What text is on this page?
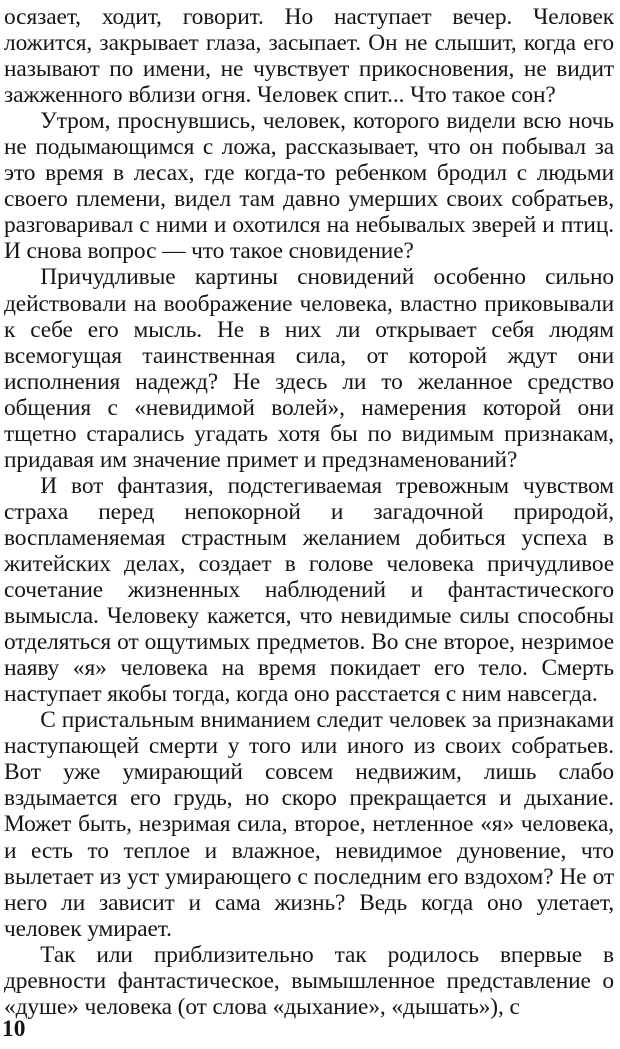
осязает, ходит, говорит. Но наступает вечер. Человек ложится, закрывает глаза, засыпает. Он не слышит, когда его называют по имени, не чувствует прикосновения, не видит зажженного вблизи огня. Человек спит... Что такое сон?

Утром, проснувшись, человек, которого видели всю ночь не подымающимся с ложа, рассказывает, что он побывал за это время в лесах, где когда-то ребенком бродил с людьми своего племени, видел там давно умерших своих собратьев, разговаривал с ними и охотился на небывалых зверей и птиц. И снова вопрос — что такое сновидение?

Причудливые картины сновидений особенно сильно действовали на воображение человека, властно приковывали к себе его мысль. Не в них ли открывает себя людям всемогущая таинственная сила, от которой ждут они исполнения надежд? Не здесь ли то желанное средство общения с «невидимой волей», намерения которой они тщетно старались угадать хотя бы по видимым признакам, придавая им значение примет и предзнаменований?

И вот фантазия, подстегиваемая тревожным чувством страха перед непокорной и загадочной природой, воспламеняемая страстным желанием добиться успеха в житейских делах, создает в голове человека причудливое сочетание жизненных наблюдений и фантастического вымысла. Человеку кажется, что невидимые силы способны отделяться от ощутимых предметов. Во сне второе, незримое наяву «я» человека на время покидает его тело. Смерть наступает якобы тогда, когда оно расстается с ним навсегда.

С пристальным вниманием следит человек за признаками наступающей смерти у того или иного из своих собратьев. Вот уже умирающий совсем недвижим, лишь слабо вздымается его грудь, но скоро прекращается и дыхание. Может быть, незримая сила, второе, нетленное «я» человека, и есть то теплое и влажное, невидимое дуновение, что вылетает из уст умирающего с последним его вздохом? Не от него ли зависит и сама жизнь? Ведь когда оно улетает, человек умирает.

Так или приблизительно так родилось впервые в древности фантастическое, вымышленное представление о «душе» человека (от слова «дыхание», «дышать»), с

10
